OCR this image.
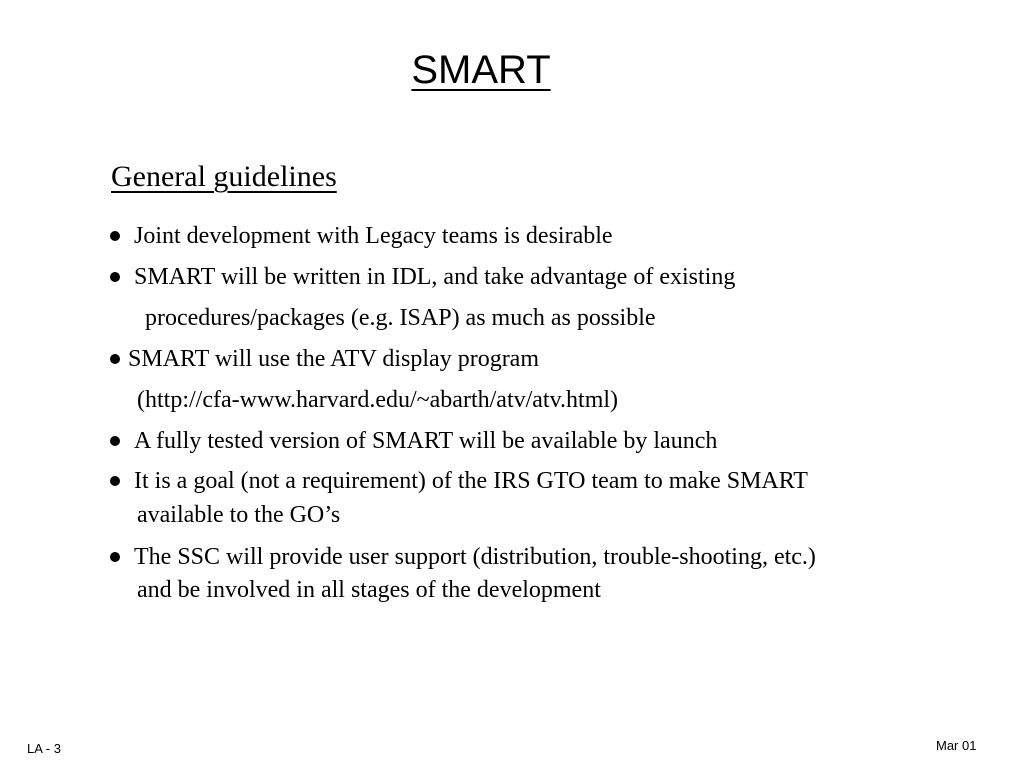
SMART
General guidelines
Joint development with Legacy teams is desirable
SMART will be written in IDL, and take advantage of existing
procedures/packages (e.g. ISAP) as much as possible
SMART will use the ATV display program
(http://cfa-www.harvard.edu/~abarth/atv/atv.html)
A fully tested version of SMART will be available by launch
It is a goal (not a requirement) of the IRS GTO team to make SMART
available to the GO’s
The SSC will provide user support (distribution, trouble-shooting, etc.)
and be involved in all stages of the development
LA - 3	Mar 01
